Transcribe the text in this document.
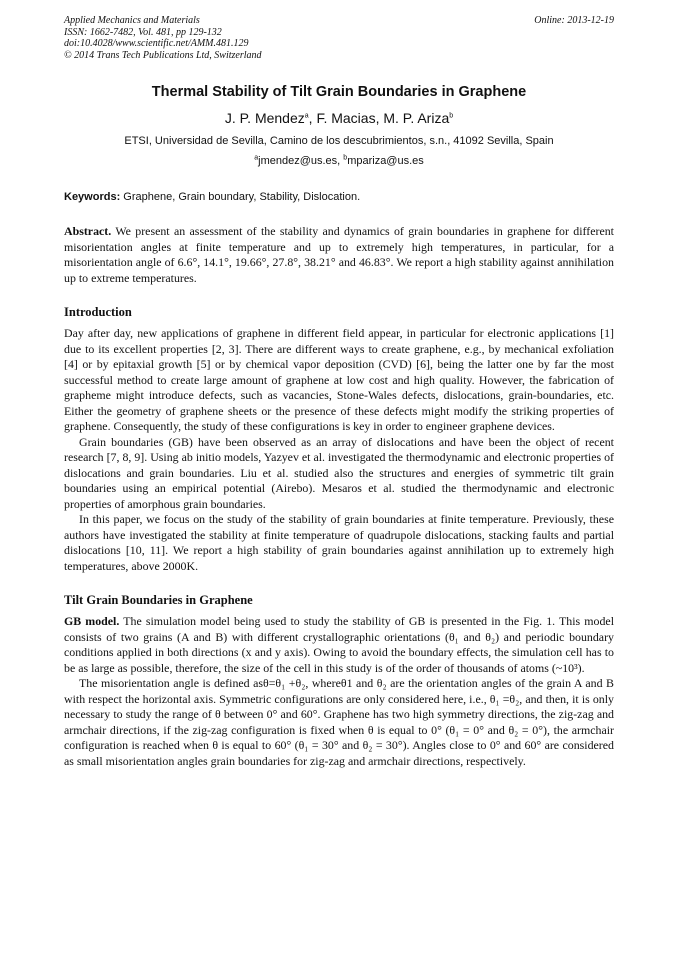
Applied Mechanics and Materials
ISSN: 1662-7482, Vol. 481, pp 129-132
doi:10.4028/www.scientific.net/AMM.481.129
© 2014 Trans Tech Publications Ltd, Switzerland
Online: 2013-12-19
Thermal Stability of Tilt Grain Boundaries in Graphene
J. P. Mendez$^a$, F. Macias, M. P. Ariza$^b$
ETSI, Universidad de Sevilla, Camino de los descubrimientos, s.n., 41092 Sevilla, Spain
$^a$jmendez@us.es, $^b$mpariza@us.es
Keywords: Graphene, Grain boundary, Stability, Dislocation.
Abstract. We present an assessment of the stability and dynamics of grain boundaries in graphene for different misorientation angles at finite temperature and up to extremely high temperatures, in particular, for a misorientation angle of 6.6°, 14.1°, 19.66°, 27.8°, 38.21° and 46.83°. We report a high stability against annihilation up to extreme temperatures.
Introduction

Day after day, new applications of graphene in different field appear, in particular for electronic applications [1] due to its excellent properties [2, 3]. There are different ways to create graphene, e.g., by mechanical exfoliation [4] or by epitaxial growth [5] or by chemical vapor deposition (CVD) [6], being the latter one by far the most successful method to create large amount of graphene at low cost and high quality. However, the fabrication of grapheme might introduce defects, such as vacancies, Stone-Wales defects, dislocations, grain-boundaries, etc. Either the geometry of graphene sheets or the presence of these defects might modify the striking properties of graphene. Consequently, the study of these configurations is key in order to engineer graphene devices.

Grain boundaries (GB) have been observed as an array of dislocations and have been the object of recent research [7, 8, 9]. Using ab initio models, Yazyev et al. investigated the thermodynamic and electronic properties of dislocations and grain boundaries. Liu et al. studied also the structures and energies of symmetric tilt grain boundaries using an empirical potential (Airebo). Mesaros et al. studied the thermodynamic and electronic properties of amorphous grain boundaries.

In this paper, we focus on the study of the stability of grain boundaries at finite temperature. Previously, these authors have investigated the stability at finite temperature of quadrupole dislocations, stacking faults and partial dislocations [10, 11]. We report a high stability of grain boundaries against annihilation up to extremely high temperatures, above 2000K.

Tilt Grain Boundaries in Graphene

GB model. The simulation model being used to study the stability of GB is presented in the Fig. 1. This model consists of two grains (A and B) with different crystallographic orientations (θ₁ and θ₂) and periodic boundary conditions applied in both directions (x and y axis). Owing to avoid the boundary effects, the simulation cell has to be as large as possible, therefore, the size of the cell in this study is of the order of thousands of atoms (~10³).

The misorientation angle is defined asθ=θ₁ +θ₂, whereθ1 and θ₂ are the orientation angles of the grain A and B with respect the horizontal axis. Symmetric configurations are only considered here, i.e., θ₁ =θ₂, and then, it is only necessary to study the range of θ between 0° and 60°. Graphene has two high symmetry directions, the zig-zag and armchair directions, if the zig-zag configuration is fixed when θ is equal to 0° (θ₁ = 0° and θ₂ = 0°), the armchair configuration is reached when θ is equal to 60° (θ₁ = 30° and θ₂ = 30°). Angles close to 0° and 60° are considered as small misorientation angles grain boundaries for zig-zag and armchair directions, respectively.
